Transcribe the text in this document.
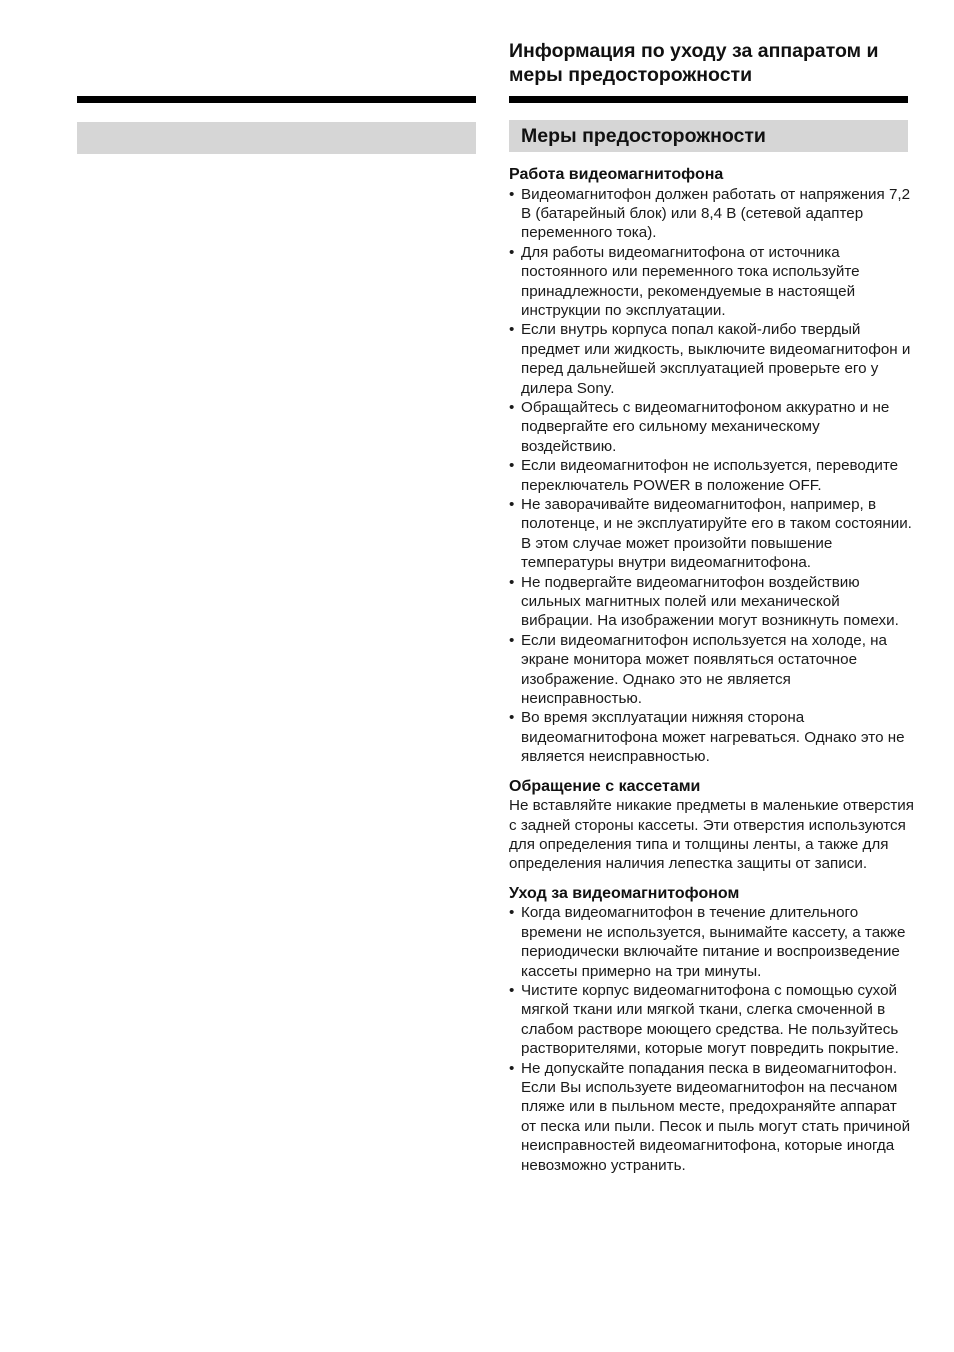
Информация по уходу за аппаратом и меры предосторожности
Меры предосторожности
Работа видеомагнитофона
• Видеомагнитофон должен работать от напряжения 7,2 В (батарейный блок) или 8,4 В (сетевой адаптер переменного тока).
• Для работы видеомагнитофона от источника постоянного или переменного тока используйте принадлежности, рекомендуемые в настоящей инструкции по эксплуатации.
• Если внутрь корпуса попал какой-либо твердый предмет или жидкость, выключите видеомагнитофон и перед дальнейшей эксплуатацией проверьте его у дилера Sony.
• Обращайтесь с видеомагнитофоном аккуратно и не подвергайте его сильному механическому воздействию.
• Если видеомагнитофон не используется, переводите переключатель POWER в положение OFF.
• Не заворачивайте видеомагнитофон, например, в полотенце, и не эксплуатируйте его в таком состоянии. В этом случае может произойти повышение температуры внутри видеомагнитофона.
• Не подвергайте видеомагнитофон воздействию сильных магнитных полей или механической вибрации. На изображении могут возникнуть помехи.
• Если видеомагнитофон используется на холоде, на экране монитора может появляться остаточное изображение. Однако это не является неисправностью.
• Во время эксплуатации нижняя сторона видеомагнитофона может нагреваться. Однако это не является неисправностью.
Обращение с кассетами

Не вставляйте никакие предметы в маленькие отверстия с задней стороны кассеты. Эти отверстия используются для определения типа и толщины ленты, а также для определения наличия лепестка защиты от записи.

Уход за видеомагнитофоном
• Когда видеомагнитофон в течение длительного времени не используется, вынимайте кассету, а также периодически включайте питание и воспроизведение кассеты примерно на три минуты.
• Чистите корпус видеомагнитофона с помощью сухой мягкой ткани или мягкой ткани, слегка смоченной в слабом растворе моющего средства. Не пользуйтесь растворителями, которые могут повредить покрытие.
• Не допускайте попадания песка в видеомагнитофон. Если Вы используете видеомагнитофон на песчаном пляже или в пыльном месте, предохраняйте аппарат от песка или пыли. Песок и пыль могут стать причиной неисправностей видеомагнитофона, которые иногда невозможно устранить.
